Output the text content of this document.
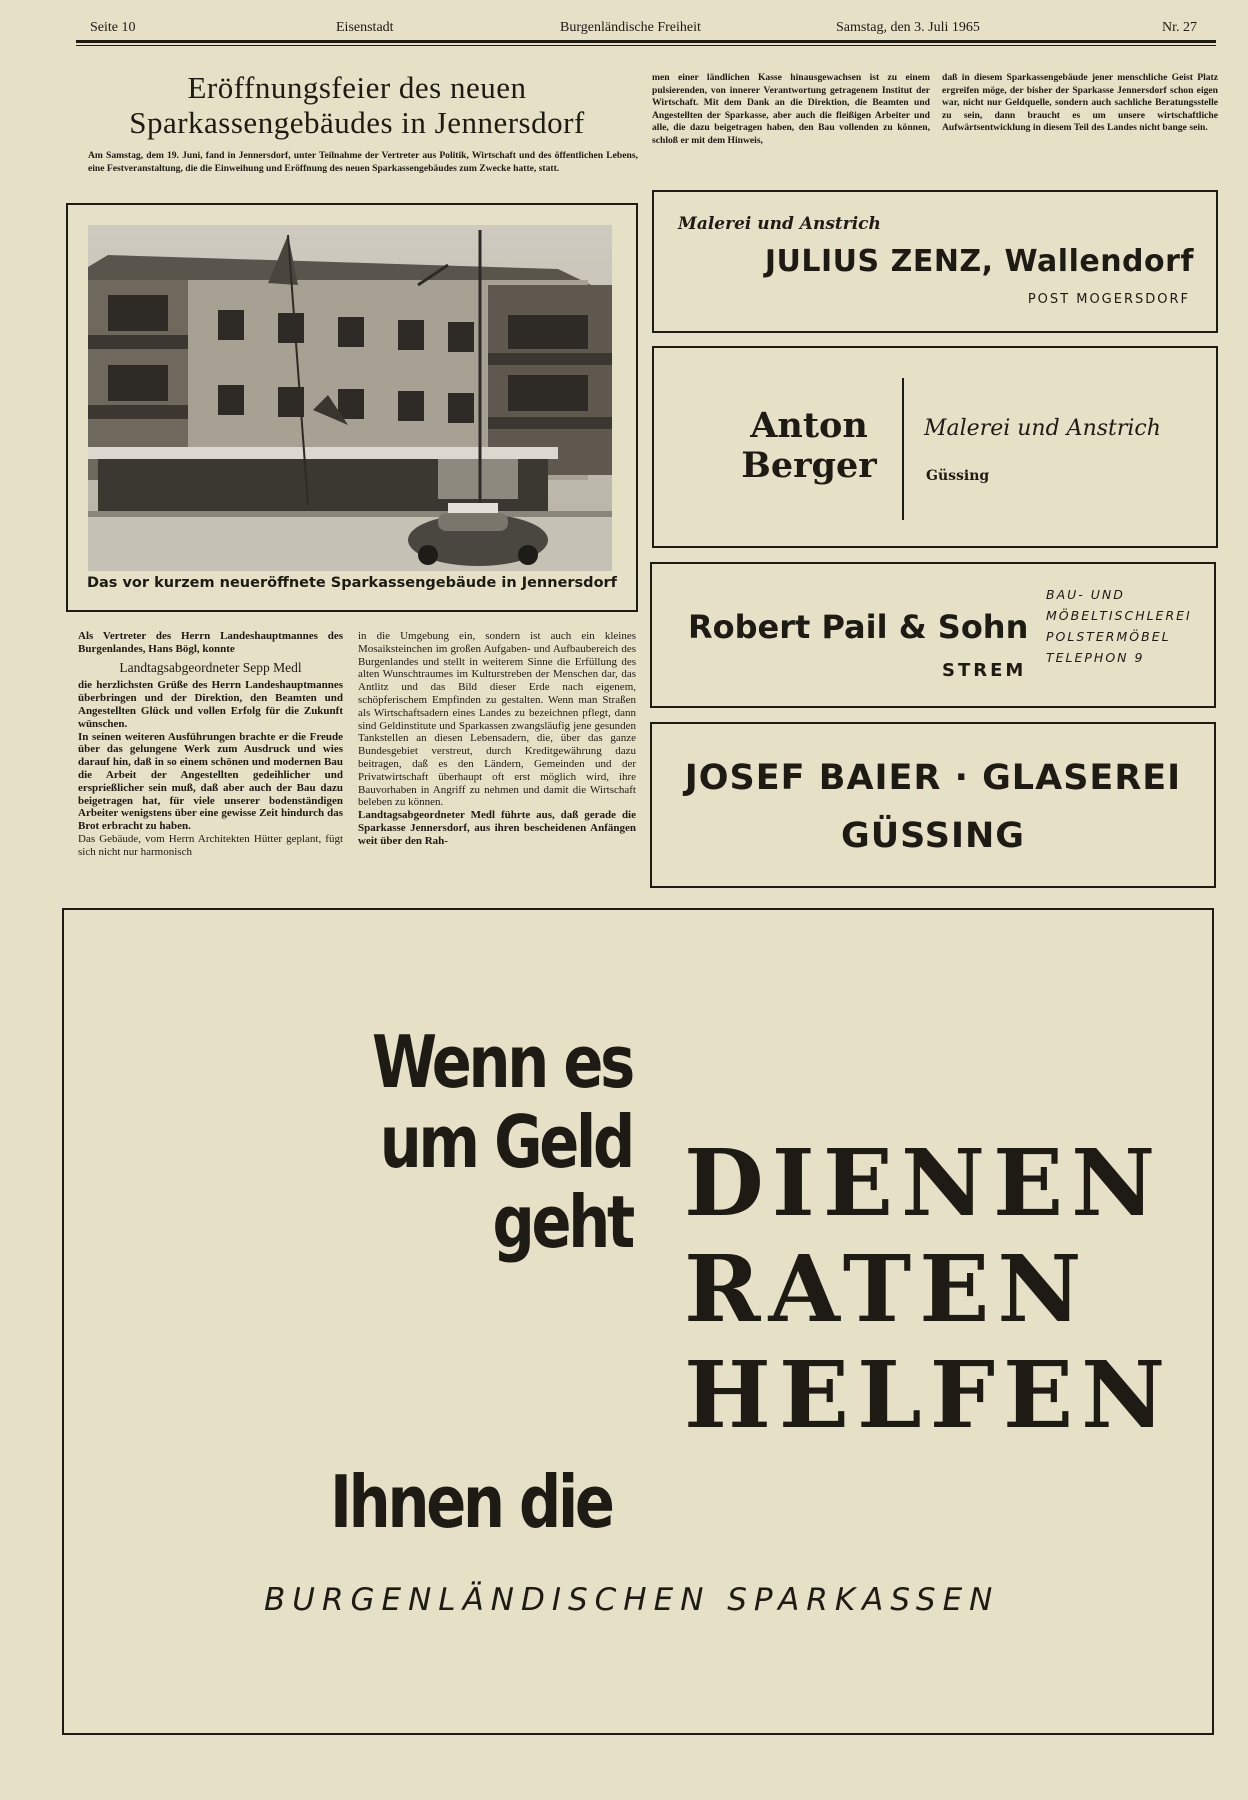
Seite 10	Eisenstadt	Burgenländische Freiheit	Samstag, den 3. Juli 1965	Nr. 27
Eröffnungsfeier des neuen
Sparkassengebäudes in Jennersdorf
Am Samstag, dem 19. Juni, fand in Jennersdorf, unter Teilnahme der Vertreter aus Politik, Wirtschaft und des öffentlichen Lebens, eine Festveranstaltung, die die Einweihung und Eröffnung des neuen Sparkassengebäudes zum Zwecke hatte, statt.
men einer ländlichen Kasse hinausgewachsen ist zu einem pulsierenden, von innerer Verantwortung getragenem Institut der Wirtschaft. Mit dem Dank an die Direktion, die Beamten und Angestellten der Sparkasse, aber auch die fleißigen Arbeiter und alle, die dazu beigetragen haben, den Bau vollenden zu können, schloß er mit dem Hinweis,
daß in diesem Sparkassengebäude jener menschliche Geist Platz ergreifen möge, der bisher der Sparkasse Jennersdorf schon eigen war, nicht nur Geldquelle, sondern auch sachliche Beratungsstelle zu sein, dann braucht es um unsere wirtschaftliche Aufwärtsentwicklung in diesem Teil des Landes nicht bange sein.
Das vor kurzem neueröffnete Sparkassengebäude in Jennersdorf

Als Vertreter des Herrn Landeshauptmannes des Burgenlandes, Hans Bögl, konnte

Landtagsabgeordneter Sepp Medl

die herzlichsten Grüße des Herrn Landeshauptmannes überbringen und der Direktion, den Beamten und Angestellten Glück und vollen Erfolg für die Zukunft wünschen.

In seinen weiteren Ausführungen brachte er die Freude über das gelungene Werk zum Ausdruck und wies darauf hin, daß in so einem schönen und modernen Bau die Arbeit der Angestellten gedeihlicher und ersprießlicher sein muß, daß aber auch der Bau dazu beigetragen hat, für viele unserer bodenständigen Arbeiter wenigstens über eine gewisse Zeit hindurch das Brot erbracht zu haben.

Das Gebäude, vom Herrn Architekten Hütter geplant, fügt sich nicht nur harmonisch

in die Umgebung ein, sondern ist auch ein kleines Mosaiksteinchen im großen Aufgaben- und Aufbaubereich des Burgenlandes und stellt in weiterem Sinne die Erfüllung des alten Wunschtraumes im Kulturstreben der Menschen dar, das Antlitz und das Bild dieser Erde nach eigenem, schöpferischem Empfinden zu gestalten. Wenn man Straßen als Wirtschaftsadern eines Landes zu bezeichnen pflegt, dann sind Geldinstitute und Sparkassen zwangsläufig jene gesunden Tankstellen an diesen Lebensadern, die, über das ganze Bundesgebiet verstreut, durch Kreditgewährung dazu beitragen, daß es den Ländern, Gemeinden und der Privatwirtschaft überhaupt oft erst möglich wird, ihre Bauvorhaben in Angriff zu nehmen und damit die Wirtschaft beleben zu können.

Landtagsabgeordneter Medl führte aus, daß gerade die Sparkasse Jennersdorf, aus ihren bescheidenen Anfängen weit über den Rah-

Malerei und Anstrich
JULIUS ZENZ, Wallendorf
POST MOGERSDORF
Anton
Berger
Malerei und Anstrich
Güssing
Robert Pail & Sohn
STREM
BAU- UND
MÖBELTISCHLEREI
POLSTERMÖBEL
TELEPHON 9
JOSEF BAIER · GLASEREI
GÜSSING
Wenn es
um Geld
geht DIENEN
RATEN
HELFEN
Ihnen die
BURGENLÄNDISCHEN SPARKASSEN
